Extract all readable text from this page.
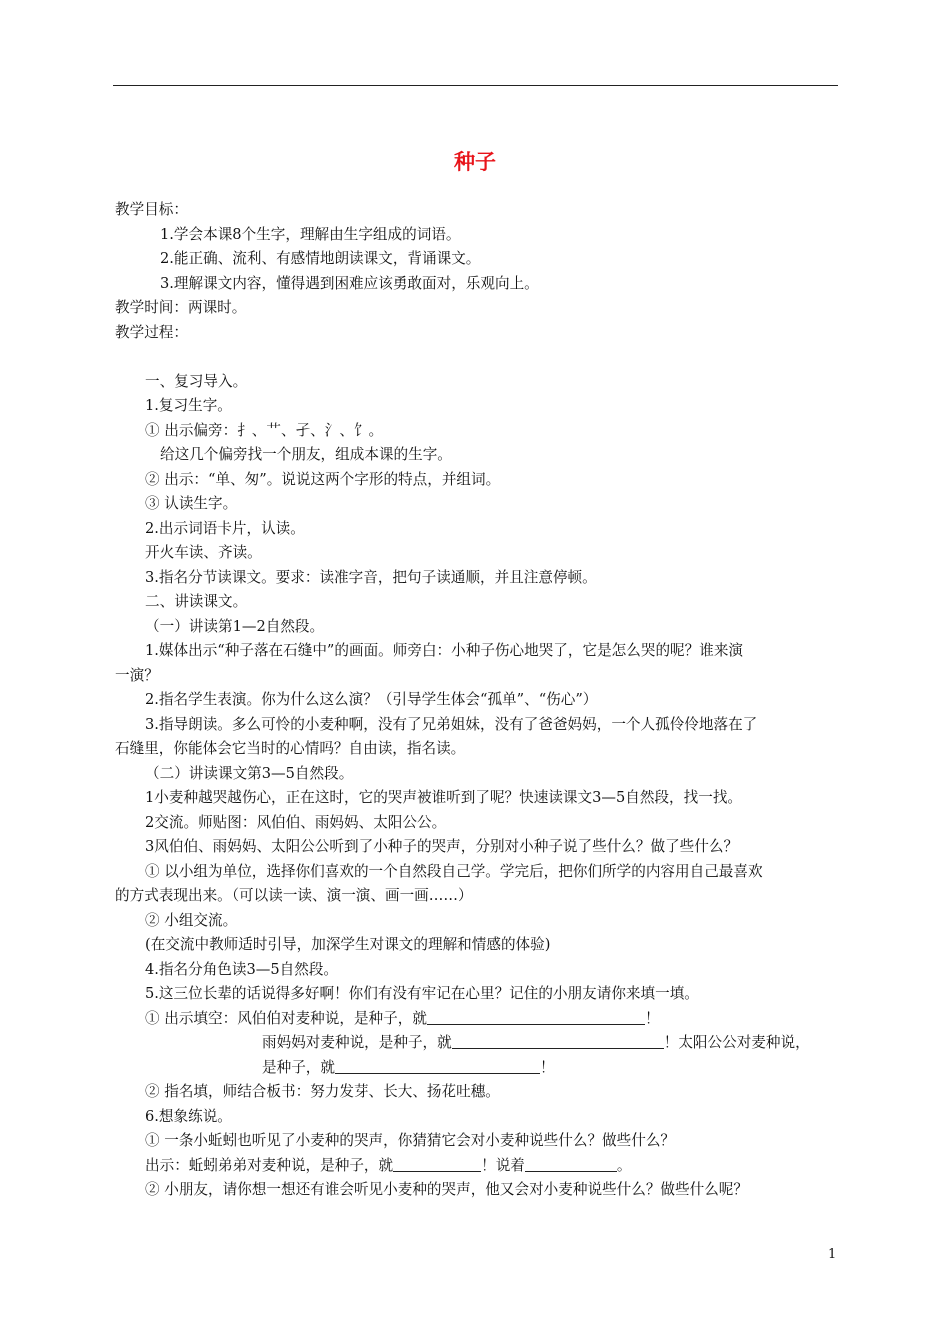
种子
教学目标：
1.学会本课8个生字，理解由生字组成的词语。
2.能正确、流利、有感情地朗读课文，背诵课文。
3.理解课文内容，懂得遇到困难应该勇敢面对，乐观向上。
教学时间：两课时。
教学过程：
一、复习导入。
1.复习生字。
① 出示偏旁：扌、艹、孑、氵、饣。
给这几个偏旁找一个朋友，组成本课的生字。
② 出示：“单、匆”。说说这两个字形的特点，并组词。
③ 认读生字。
2.出示词语卡片，认读。
开火车读、齐读。
3.指名分节读课文。要求：读准字音，把句子读通顺，并且注意停顿。
二、讲读课文。
（一）讲读第1—2自然段。
1.媒体出示“种子落在石缝中”的画面。师旁白：小种子伤心地哭了，它是怎么哭的呢？谁来演
一演？
2.指名学生表演。你为什么这么演？（引导学生体会“孤单”、“伤心”）
3.指导朗读。多么可怜的小麦种啊，没有了兄弟姐妹，没有了爸爸妈妈，一个人孤伶伶地落在了
石缝里，你能体会它当时的心情吗？自由读，指名读。
（二）讲读课文第3—5自然段。
1小麦种越哭越伤心，正在这时，它的哭声被谁听到了呢？快速读课文3—5自然段，找一找。
2交流。师贴图：风伯伯、雨妈妈、太阳公公。
3风伯伯、雨妈妈、太阳公公听到了小种子的哭声，分别对小种子说了些什么？做了些什么？
① 以小组为单位，选择你们喜欢的一个自然段自己学。学完后，把你们所学的内容用自己最喜欢
的方式表现出来。（可以读一读、演一演、画一画……）
② 小组交流。
(在交流中教师适时引导，加深学生对课文的理解和情感的体验)
4.指名分角色读3—5自然段。
5.这三位长辈的话说得多好啊！你们有没有牢记在心里？记住的小朋友请你来填一填。
① 出示填空：风伯伯对麦种说，是种子，就	！
雨妈妈对麦种说，是种子，就	！太阳公公对麦种说，
是种子，就	！
② 指名填，师结合板书：努力发芽、长大、扬花吐穗。
6.想象练说。
① 一条小蚯蚓也听见了小麦种的哭声，你猜猜它会对小麦种说些什么？做些什么？
出示：蚯蚓弟弟对麦种说，是种子，就	！说着	。
② 小朋友，请你想一想还有谁会听见小麦种的哭声，他又会对小麦种说些什么？做些什么呢？
1
